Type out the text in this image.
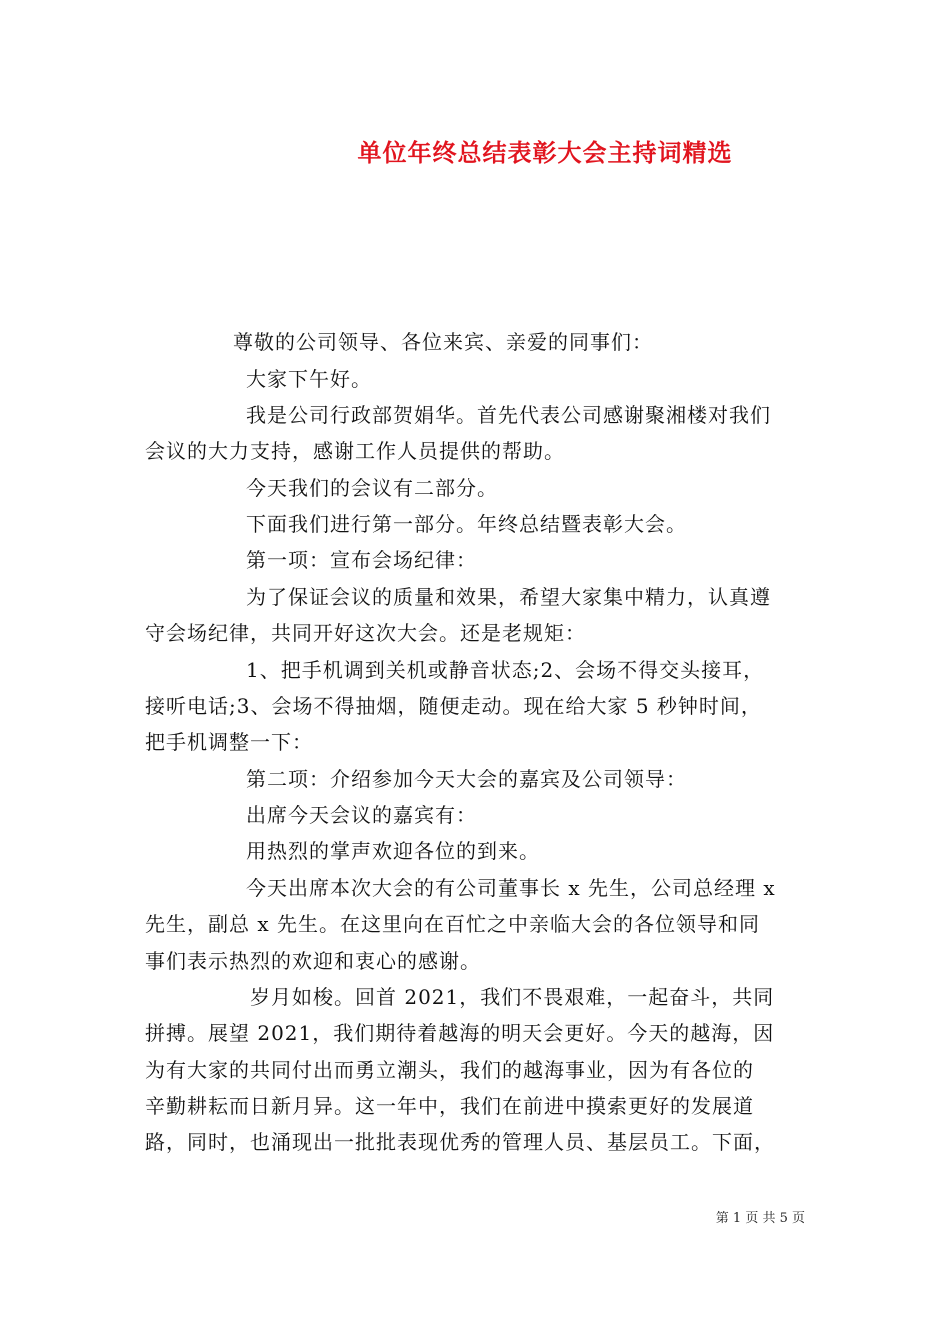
单位年终总结表彰大会主持词精选
尊敬的公司领导、各位来宾、亲爱的同事们：
大家下午好。
我是公司行政部贺娟华。首先代表公司感谢聚湘楼对我们
会议的大力支持，感谢工作人员提供的帮助。
今天我们的会议有二部分。
下面我们进行第一部分。年终总结暨表彰大会。
第一项：宣布会场纪律：
为了保证会议的质量和效果，希望大家集中精力，认真遵
守会场纪律，共同开好这次大会。还是老规矩：
1、把手机调到关机或静音状态;2、会场不得交头接耳，
接听电话;3、会场不得抽烟，随便走动。现在给大家 5 秒钟时间，
把手机调整一下：
第二项：介绍参加今天大会的嘉宾及公司领导：
出席今天会议的嘉宾有：
用热烈的掌声欢迎各位的到来。
今天出席本次大会的有公司董事长 x 先生，公司总经理 x
先生，副总 x 先生。在这里向在百忙之中亲临大会的各位领导和同
事们表示热烈的欢迎和衷心的感谢。
岁月如梭。回首 2021，我们不畏艰难，一起奋斗，共同
拼搏。展望 2021，我们期待着越海的明天会更好。今天的越海，因
为有大家的共同付出而勇立潮头，我们的越海事业，因为有各位的
辛勤耕耘而日新月异。这一年中，我们在前进中摸索更好的发展道
路，同时，也涌现出一批批表现优秀的管理人员、基层员工。下面，
第 1 页 共 5 页
